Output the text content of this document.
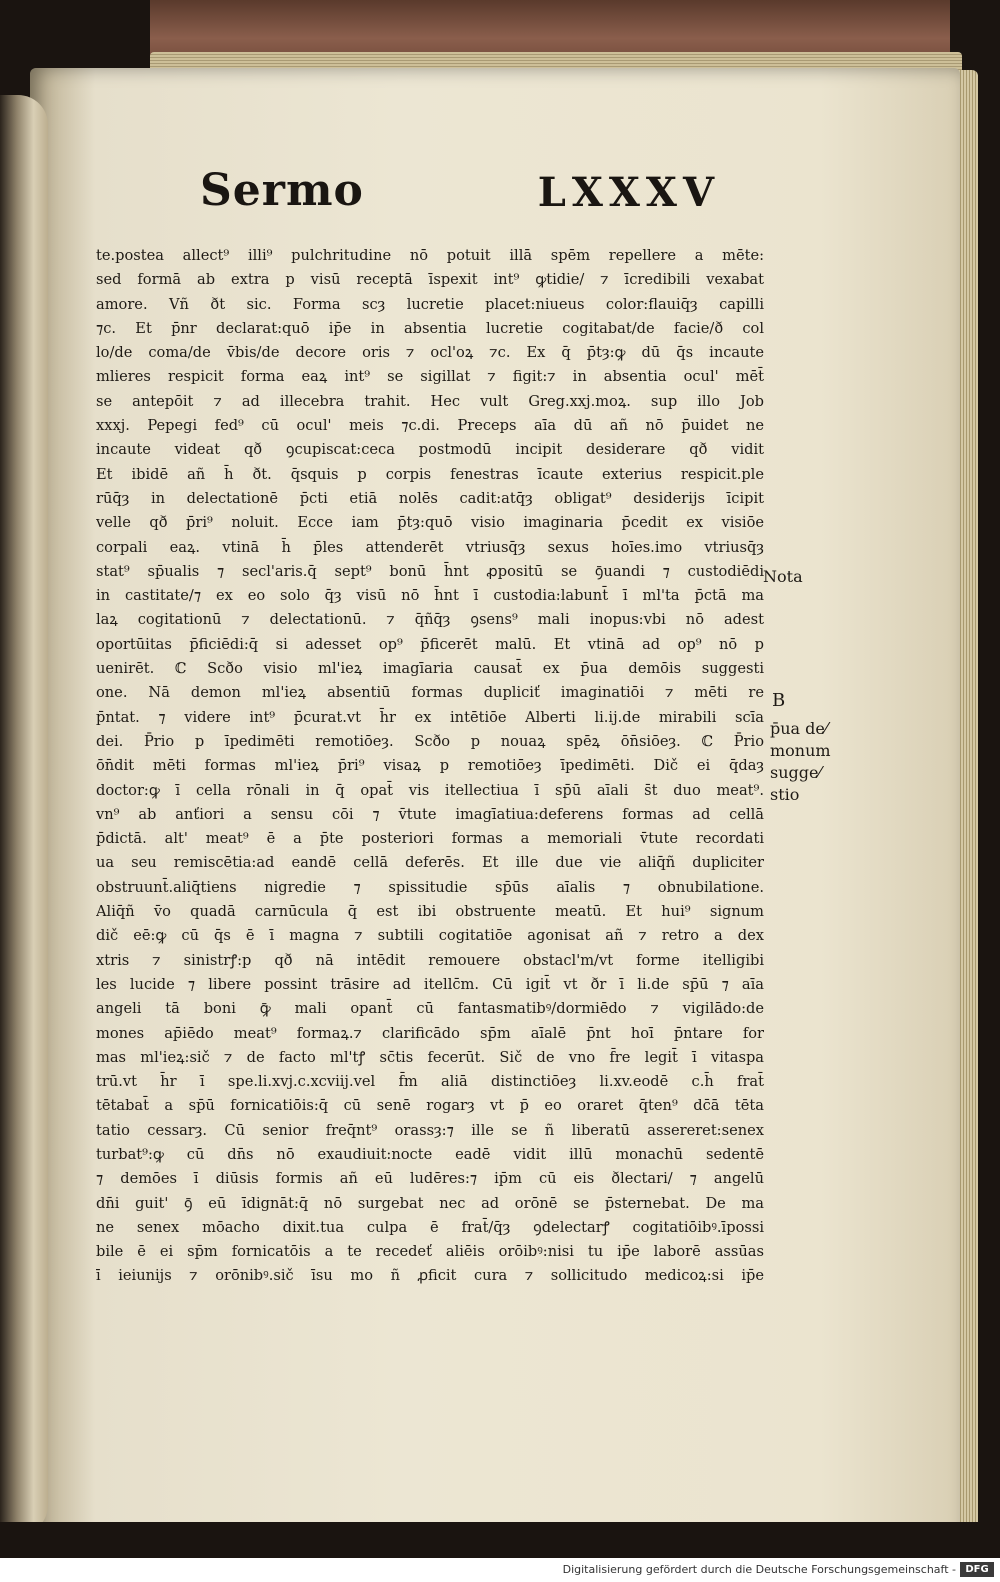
Sermo	LXXXV
te.postea allect⁹ illi⁹ pulchritudine nō potuit illā spēm repellere a mēte:
sed formā ab extra p visū receptā īspexit int⁹ ꝙtidie/ ⁊ īcredibili vexabat
amore. Vñ ðt sic. Forma scȝ lucretie placet:niueus color:flauiq̄ȝ capilli
⁊c. Et p̄nr declarat:quō ip̄e in absentia lucretie cogitabat/de facie/ð col
lo/de coma/de v̄bis/de decore oris ⁊ ocl'oꝝ ⁊c. Ex q̄ p̄tȝ:ꝙ dū q̄s incaute
mlieres respicit forma eaꝝ int⁹ se sigillat ⁊ figit:⁊ in absentia ocul' mēt̄
se antepōit ⁊ ad illecebra trahit. Hec vult Greg.xxj.moꝝ. sup illo Job
xxxj. Pepegi fed⁹ cū ocul' meis ⁊c.di. Preceps aīa dū añ nō p̄uidet ne
incaute videat qð ꝯcupiscat:ceca postmodū incipit desiderare qð vidit
Et ibidē añ h̄ ðt. q̄squis p corpis fenestras īcaute exterius respicit.ple
rūq̄ȝ in delectationē p̄cti etiā nolēs cadit:atq̄ȝ obligat⁹ desiderijs īcipit
velle qð p̄ri⁹ noluit. Ecce iam p̄tȝ:quō visio imaginaria p̄cedit ex visiōe
corpali eaꝝ. vtinā h̄ p̄les attenderēt vtriusq̄ȝ sexus hoīes.imo vtriusq̄ȝ
stat⁹ sp̄ualis ⁊ secl'aris.q̄ sept⁹ bonū h̄nt ꝓpositū se ꝯ̄uandi ⁊ custodiēdi
in castitate/⁊ ex eo solo q̄ȝ visū nō h̄nt ī custodia:labunt̄ ī ml'ta p̄ctā ma
laꝝ cogitationū ⁊ delectationū. ⁊ q̄ñq̄ȝ ꝯsens⁹ mali inopus:vbi nō adest
oportūitas p̄ficiēdi:q̄ si adesset op⁹ p̄ficerēt malū. Et vtinā ad op⁹ nō p
uenirēt. ℂ Scðo visio ml'ieꝝ imagīaria causat̄ ex p̄ua demōis suggesti
one. Nā demon ml'ieꝝ absentiū formas dupliciť imaginatiōi ⁊ mēti re
p̄ntat. ⁊ videre int⁹ p̄curat.vt h̄r ex intētiōe Alberti li.ij.de mirabili scīa
dei. P̄rio p īpedimēti remotiōeȝ. Scðo p nouaꝝ spēꝝ ōn̄siōeȝ. ℂ P̄rio
ōn̄dit mēti formas ml'ieꝝ p̄ri⁹ visaꝝ p remotiōeȝ īpedimēti. Dič ei q̄daȝ
doctor:ꝙ ī cella rōnali in q̄ opat̄ vis itellectiua ī sp̄ū aīali s̄t duo meat⁹.
vn⁹ ab anťiori a sensu cōi ⁊ v̄tute imagīatiua:deferens formas ad cellā
p̄dictā. alt' meat⁹ ē a p̄te posteriori formas a memoriali v̄tute recordati
ua seu remiscētia:ad eandē cellā deferēs. Et ille due vie aliq̄ñ dupliciter
obstruunt̄.aliq̄tiens nigredie ⁊ spissitudie sp̄ūs aīalis ⁊ obnubilatione.
Aliq̄ñ v̄o quadā carnūcula q̄ est ibi obstruente meatū. Et hui⁹ signum
dič eē:ꝙ cū q̄s ē ī magna ⁊ subtili cogitatiōe agonisat añ ⁊ retro a dex
xtris ⁊ sinistrꝭ:p qð nā intēdit remouere obstacl'm/vt forme itelligibi
les lucide ⁊ libere possint trāsire ad itellc̄m. Cū igit̄ vt ðr ī li.de sp̄ū ⁊ aīa
angeli tā boni ꝙ̄ mali opant̄ cū fantasmatibꝰ/dormiēdo ⁊ vigilādo:de
mones ap̄iēdo meat⁹ formaꝝ.⁊ clarificādo sp̄m aīalē p̄nt hoī p̄ntare for
mas ml'ieꝝ:sič ⁊ de facto ml'tꝭ sc̄tis fecerūt. Sič de vno f̄re legit̄ ī vitaspa
trū.vt h̄r ī spe.li.xvj.c.xcviij.vel f̄m aliā distinctiōeȝ li.xv.eodē c.h̄ frat̄
tētabat̄ a sp̄ū fornicatiōis:q̄ cū senē rogarȝ vt p̄ eo oraret q̄ten⁹ dc̄ā tēta
tatio cessarȝ. Cū senior freq̄nt⁹ orassȝ:⁊ ille se ñ liberatū assereret:senex
turbat⁹:ꝙ cū dn̄s nō exaudiuit:nocte eadē vidit illū monachū sedentē
⁊ demōes ī diūsis formis añ eū ludēres:⁊ ip̄m cū eis ðlectari/ ⁊ angelū
dn̄i guit' ꝯ̄ eū īdignāt:q̄ nō surgebat nec ad orōnē se p̄sternebat. De ma
ne senex mōacho dixit.tua culpa ē frat̄/q̄ȝ ꝯdelectarꝭ cogitatiōibꝰ.īpossi
bile ē ei sp̄m fornicatōis a te recedeť aliēis orōibꝰ:nisi tu ip̄e laborē assūas
ī ieiunijs ⁊ orōnibꝰ.sič īsu mo ñ ꝓficit cura ⁊ sollicitudo medicoꝝ:si ip̄e
Nota
B
p̄ua de⁄
monum
sugge⁄
stio
Digitalisierung gefördert durch die Deutsche Forschungsgemeinschaft - DFG
